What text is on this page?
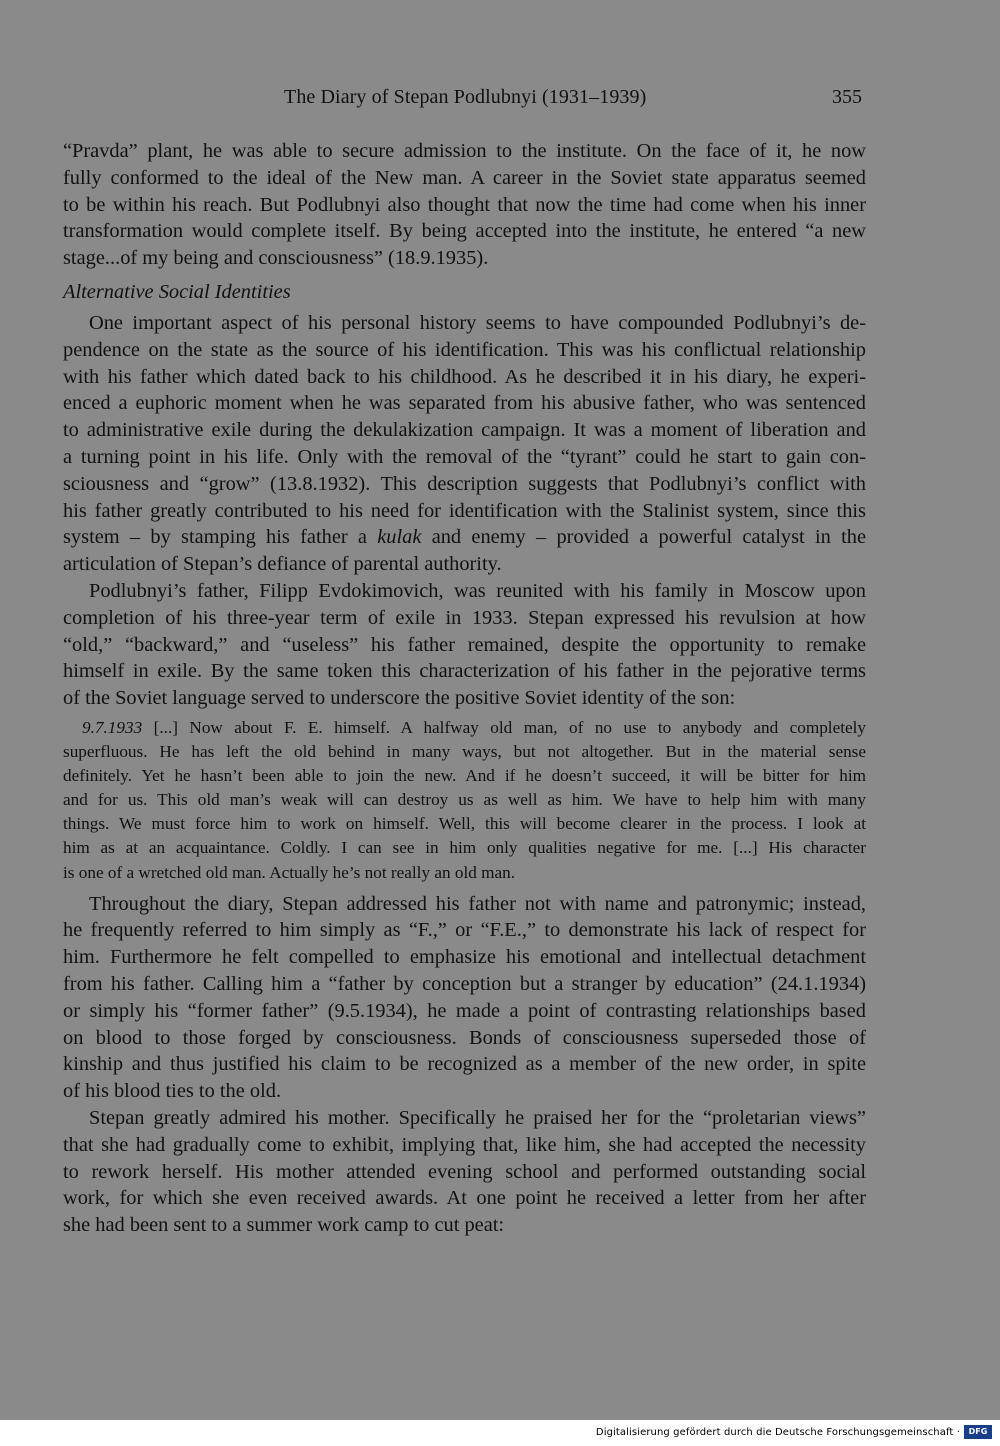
The Diary of Stepan Podlubnyi (1931–1939)	355
“Pravda” plant, he was able to secure admission to the institute. On the face of it, he now
fully conformed to the ideal of the New man. A career in the Soviet state apparatus seemed
to be within his reach. But Podlubnyi also thought that now the time had come when his inner
transformation would complete itself. By being accepted into the institute, he entered “a new
stage...of my being and consciousness” (18.9.1935).
Alternative Social Identities
One important aspect of his personal history seems to have compounded Podlubnyi’s de-
pendence on the state as the source of his identification. This was his conflictual relationship
with his father which dated back to his childhood. As he described it in his diary, he experi-
enced a euphoric moment when he was separated from his abusive father, who was sentenced
to administrative exile during the dekulakization campaign. It was a moment of liberation and
a turning point in his life. Only with the removal of the “tyrant” could he start to gain con-
sciousness and “grow” (13.8.1932). This description suggests that Podlubnyi’s conflict with
his father greatly contributed to his need for identification with the Stalinist system, since this
system – by stamping his father a kulak and enemy – provided a powerful catalyst in the
articulation of Stepan’s defiance of parental authority.
Podlubnyi’s father, Filipp Evdokimovich, was reunited with his family in Moscow upon
completion of his three-year term of exile in 1933. Stepan expressed his revulsion at how
“old,” “backward,” and “useless” his father remained, despite the opportunity to remake
himself in exile. By the same token this characterization of his father in the pejorative terms
of the Soviet language served to underscore the positive Soviet identity of the son:
9.7.1933 [...] Now about F. E. himself. A halfway old man, of no use to anybody and completely
superfluous. He has left the old behind in many ways, but not altogether. But in the material sense
definitely. Yet he hasn’t been able to join the new. And if he doesn’t succeed, it will be bitter for him
and for us. This old man’s weak will can destroy us as well as him. We have to help him with many
things. We must force him to work on himself. Well, this will become clearer in the process. I look at
him as at an acquaintance. Coldly. I can see in him only qualities negative for me. [...] His character
is one of a wretched old man. Actually he’s not really an old man.
Throughout the diary, Stepan addressed his father not with name and patronymic; instead,
he frequently referred to him simply as “F.,” or “F.E.,” to demonstrate his lack of respect for
him. Furthermore he felt compelled to emphasize his emotional and intellectual detachment
from his father. Calling him a “father by conception but a stranger by education” (24.1.1934)
or simply his “former father” (9.5.1934), he made a point of contrasting relationships based
on blood to those forged by consciousness. Bonds of consciousness superseded those of
kinship and thus justified his claim to be recognized as a member of the new order, in spite
of his blood ties to the old.
Stepan greatly admired his mother. Specifically he praised her for the “proletarian views”
that she had gradually come to exhibit, implying that, like him, she had accepted the necessity
to rework herself. His mother attended evening school and performed outstanding social
work, for which she even received awards. At one point he received a letter from her after
she had been sent to a summer work camp to cut peat:
Digitalisierung gefördert durch die Deutsche Forschungsgemeinschaft ·	DFG
